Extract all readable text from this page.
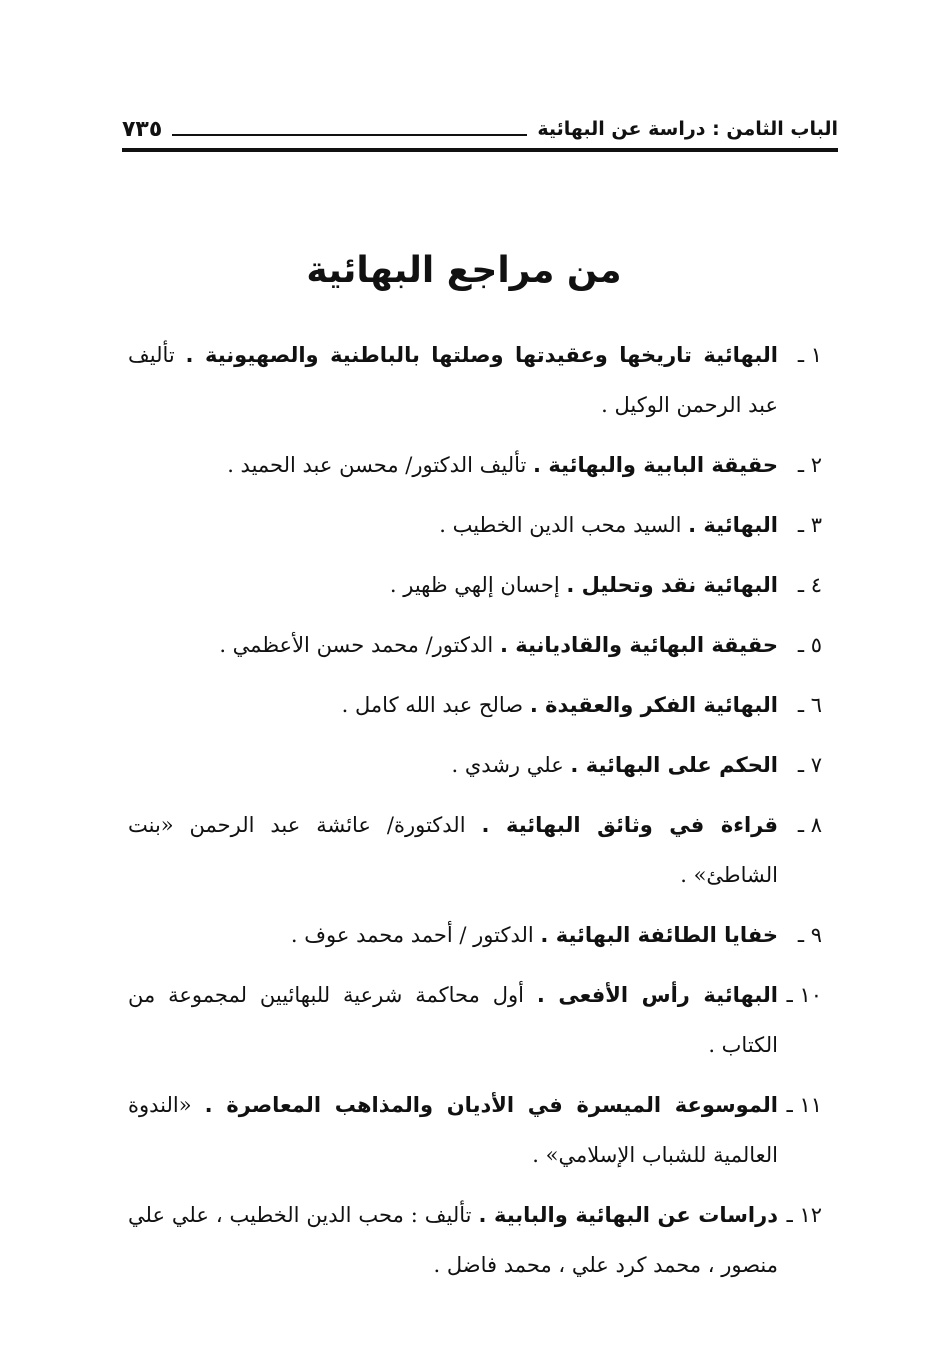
الباب الثامن : دراسة عن البهائية
٧٣٥
من مراجع البهائية
١ ـ
البهائية تاريخها وعقيدتها وصلتها بالباطنية والصهيونية . تأليف عبد الرحمن الوكيل .
٢ ـ
حقيقة البابية والبهائية . تأليف الدكتور/ محسن عبد الحميد .
٣ ـ
البهائية . السيد محب الدين الخطيب .
٤ ـ
البهائية نقد وتحليل . إحسان إلهي ظهير .
٥ ـ
حقيقة البهائية والقاديانية . الدكتور/ محمد حسن الأعظمي .
٦ ـ
البهائية الفكر والعقيدة . صالح عبد الله كامل .
٧ ـ
الحكم على البهائية . علي رشدي .
٨ ـ
قراءة في وثائق البهائية . الدكتورة/ عائشة عبد الرحمن «بنت الشاطئ» .
٩ ـ
خفايا الطائفة البهائية . الدكتور / أحمد محمد عوف .
١٠ ـ
البهائية رأس الأفعى . أول محاكمة شرعية للبهائيين لمجموعة من الكتاب .
١١ ـ
الموسوعة الميسرة في الأديان والمذاهب المعاصرة . «الندوة العالمية للشباب الإسلامي» .
١٢ ـ
دراسات عن البهائية والبابية . تأليف : محب الدين الخطيب ، علي علي منصور ، محمد كرد علي ، محمد فاضل .
